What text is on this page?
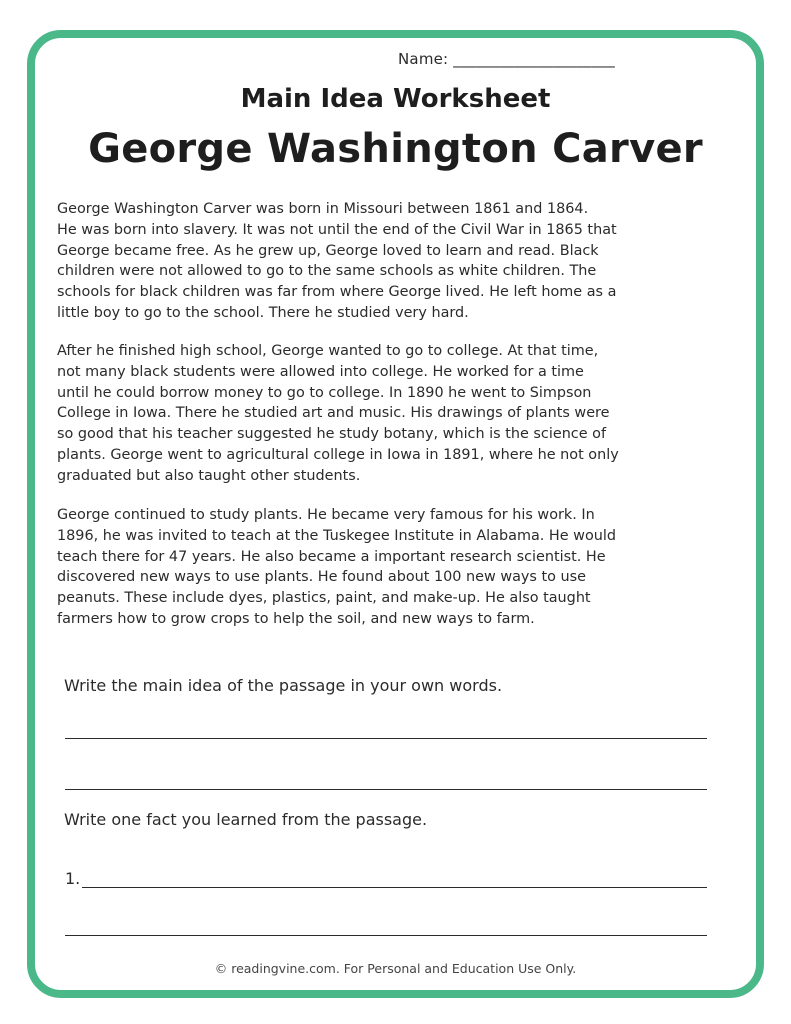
Name: _____________________
Main Idea Worksheet
George Washington Carver

George Washington Carver was born in Missouri between 1861 and 1864.
He was born into slavery. It was not until the end of the Civil War in 1865 that
George became free. As he grew up, George loved to learn and read. Black
children were not allowed to go to the same schools as white children. The
schools for black children was far from where George lived. He left home as a
little boy to go to the school. There he studied very hard.

After he finished high school, George wanted to go to college. At that time,
not many black students were allowed into college. He worked for a time
until he could borrow money to go to college. In 1890 he went to Simpson
College in Iowa. There he studied art and music. His drawings of plants were
so good that his teacher suggested he study botany, which is the science of
plants. George went to agricultural college in Iowa in 1891, where he not only
graduated but also taught other students.

George continued to study plants. He became very famous for his work. In
1896, he was invited to teach at the Tuskegee Institute in Alabama. He would
teach there for 47 years. He also became a important research scientist. He
discovered new ways to use plants. He found about 100 new ways to use
peanuts. These include dyes, plastics, paint, and make-up. He also taught
farmers how to grow crops to help the soil, and new ways to farm.

Write the main idea of the passage in your own words.
Write one fact you learned from the passage.
1.
© readingvine.com. For Personal and Education Use Only.
